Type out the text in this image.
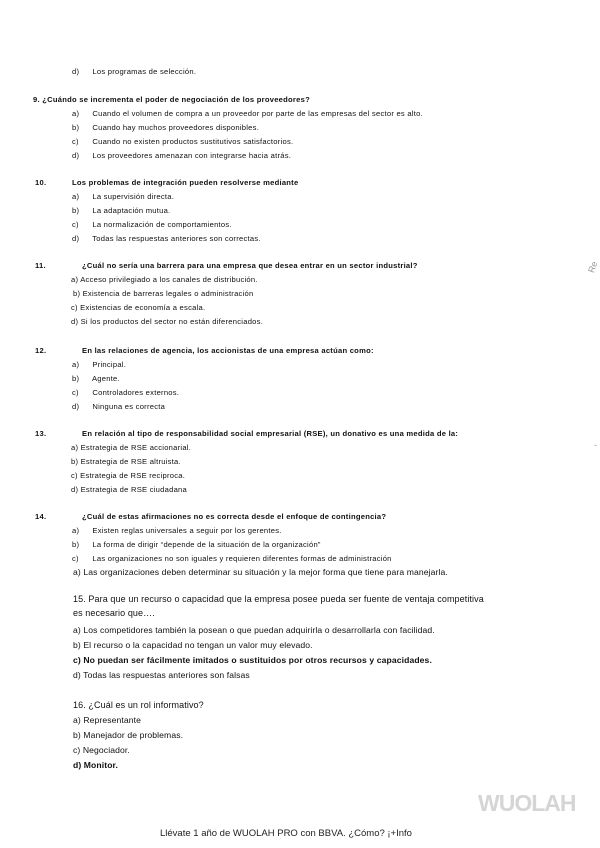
d) Los programas de selección.
9. ¿Cuándo se incrementa el poder de negociación de los proveedores?
a) Cuando el volumen de compra a un proveedor por parte de las empresas del sector es alto.
b) Cuando hay muchos proveedores disponibles.
c) Cuando no existen productos sustitutivos satisfactorios.
d) Los proveedores amenazan con integrarse hacia atrás.
10.	Los problemas de integración pueden resolverse mediante
a) La supervisión directa.
b) La adaptación mutua.
c) La normalización de comportamientos.
d) Todas las respuestas anteriores son correctas.
11.	¿Cuál no sería una barrera para una empresa que desea entrar en un sector industrial?
a) Acceso privilegiado a los canales de distribución.
b) Existencia de barreras legales o administración
c) Existencias de economía a escala.
d) Si los productos del sector no están diferenciados.
12.	En las relaciones de agencia, los accionistas de una empresa actúan como:
a) Principal.
b) Agente.
c) Controladores externos.
d) Ninguna es correcta
13.	En relación al tipo de responsabilidad social empresarial (RSE), un donativo es una medida de la:
a) Estrategia de RSE accionarial.
b) Estrategia de RSE altruista.
c) Estrategia de RSE reciproca.
d) Estrategia de RSE ciudadana
14.	¿Cuál de estas afirmaciones no es correcta desde el enfoque de contingencia?
a) Existen reglas universales a seguir por los gerentes.
b) La forma de dirigir “depende de la situación de la organización”
c) Las organizaciones no son iguales y requieren diferentes formas de administración
a) Las organizaciones deben determinar su situación y la mejor forma que tiene para manejarla.
15. Para que un recurso o capacidad que la empresa posee pueda ser fuente de ventaja competitiva
es necesario que….
a) Los competidores también la posean o que puedan adquirirla o desarrollarla con facilidad.
b) El recurso o la capacidad no tengan un valor muy elevado.
c) No puedan ser fácilmente imitados o sustituidos por otros recursos y capacidades.
d) Todas las respuestas anteriores son falsas
16. ¿Cuál es un rol informativo?
a) Representante
b) Manejador de problemas.
c) Negociador.
d) Monitor.
Re
-
WUOLAH
Llévate 1 año de WUOLAH PRO con BBVA. ¿Cómo? ¡+Info
